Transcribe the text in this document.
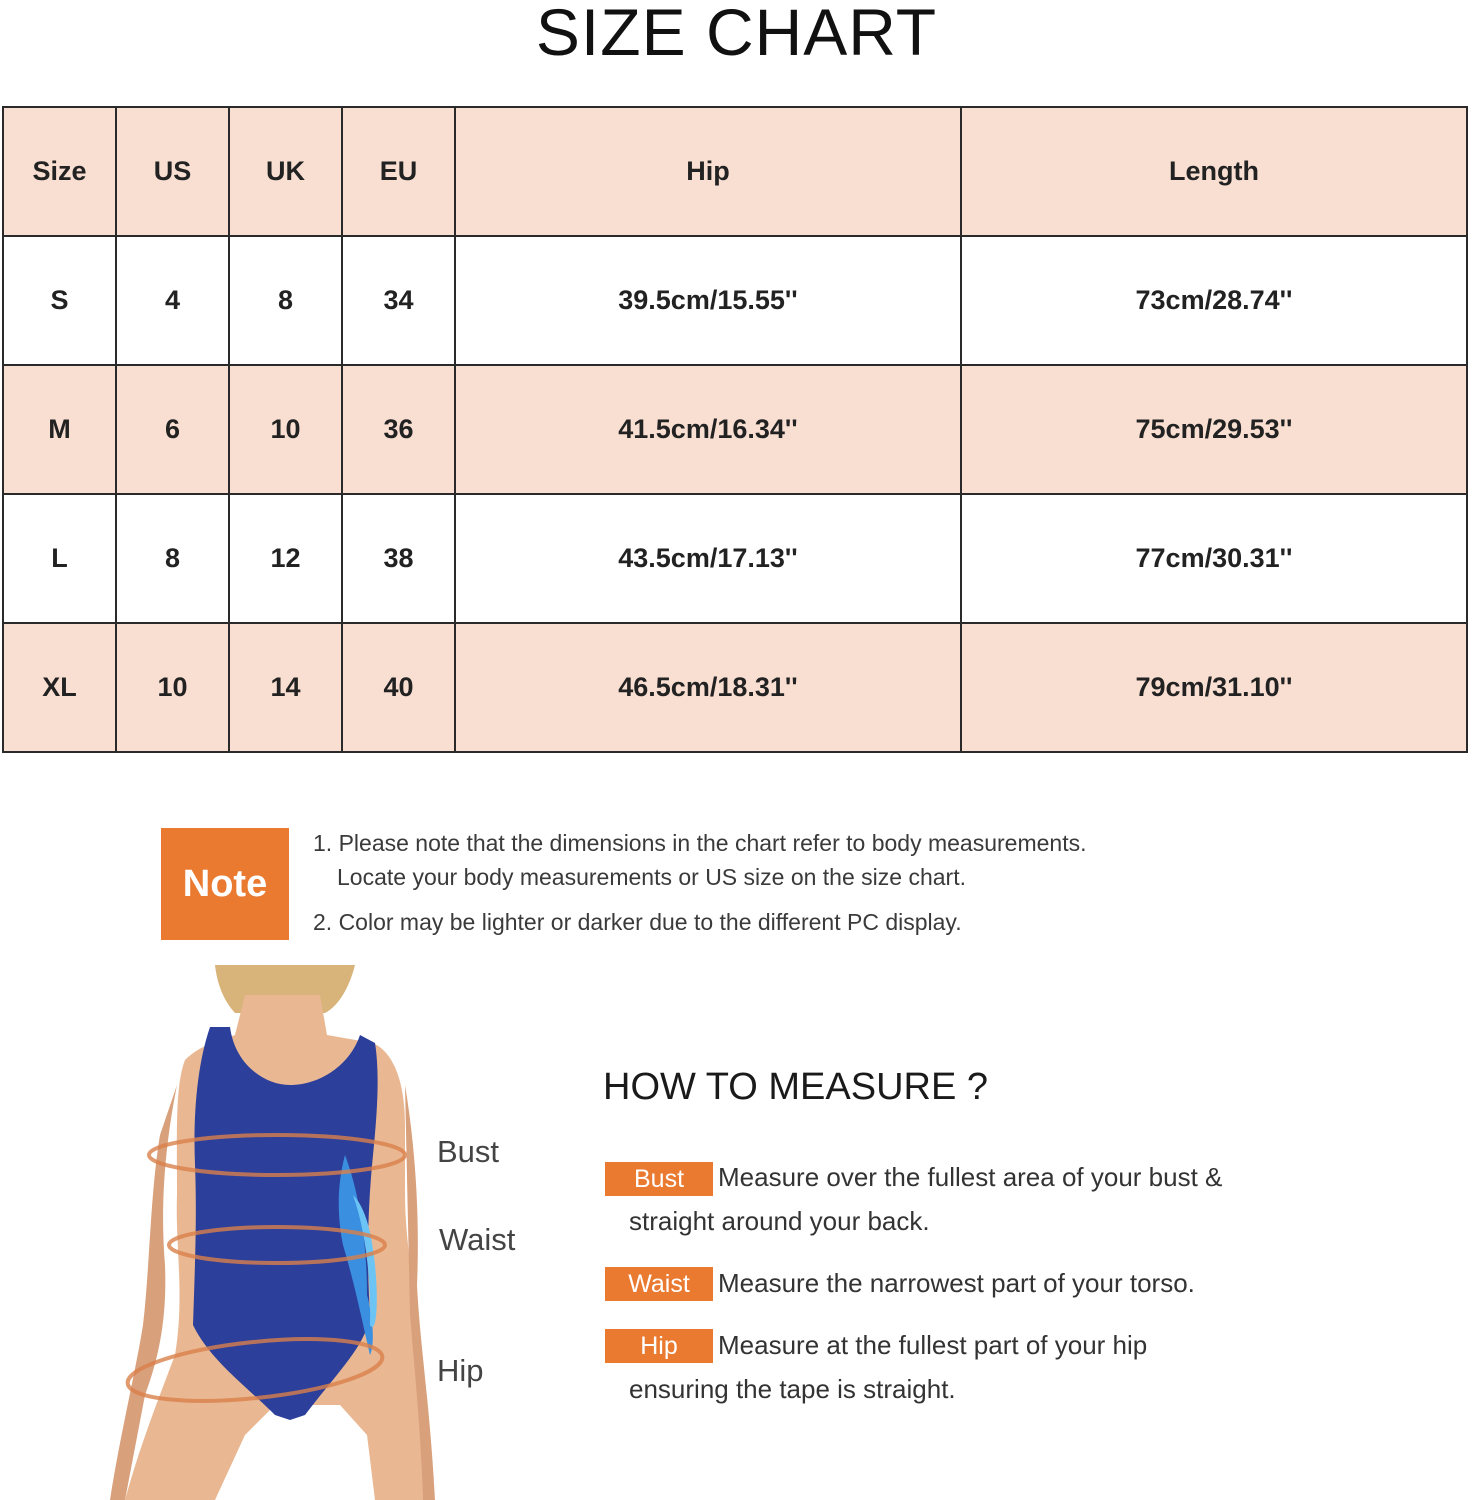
SIZE CHART
Size	US	UK	EU	Hip	Length
S	4	8	34	39.5cm/15.55''	73cm/28.74''
M	6	10	36	41.5cm/16.34''	75cm/29.53''
L	8	12	38	43.5cm/17.13''	77cm/30.31''
XL	10	14	40	46.5cm/18.31''	79cm/31.10''
Note
1. Please note that the dimensions in the chart refer to body measurements.
Locate your body measurements or US size on the size chart.
2. Color may be lighter or darker due to the different PC display.
Bust
Waist
Hip
HOW TO MEASURE ?
Bust	Measure over the fullest area of your bust &
straight around your back.
Waist	Measure the narrowest part of your torso.
Hip	Measure at the fullest part of your hip
ensuring the tape is straight.
